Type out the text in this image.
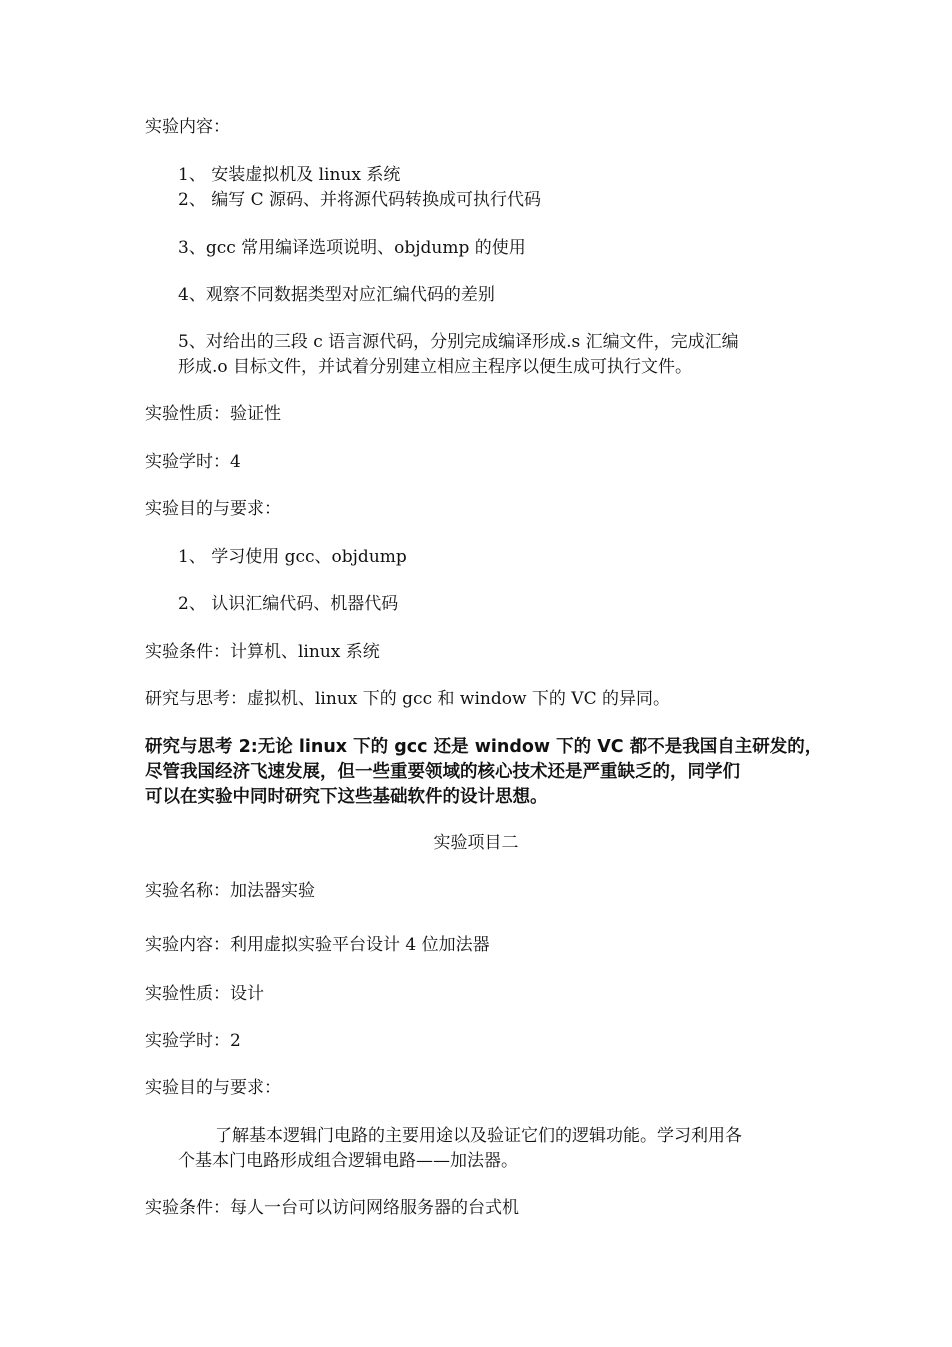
实验内容：

1、 安装虚拟机及 linux 系统

2、 编写 C 源码、并将源代码转换成可执行代码

3、gcc 常用编译选项说明、objdump 的使用

4、观察不同数据类型对应汇编代码的差别

5、对给出的三段 c 语言源代码，分别完成编译形成.s 汇编文件，完成汇编

形成.o 目标文件，并试着分别建立相应主程序以便生成可执行文件。

实验性质：验证性

实验学时：4

实验目的与要求：

1、 学习使用 gcc、objdump

2、 认识汇编代码、机器代码

实验条件：计算机、linux 系统

研究与思考：虚拟机、linux 下的 gcc 和 window 下的 VC 的异同。

研究与思考 2:无论 linux 下的 gcc 还是 window 下的 VC 都不是我国自主研发的，

尽管我国经济飞速发展，但一些重要领域的核心技术还是严重缺乏的，同学们

可以在实验中同时研究下这些基础软件的设计思想。

实验项目二

实验名称：加法器实验

实验内容：利用虚拟实验平台设计 4 位加法器

实验性质：设计

实验学时：2

实验目的与要求：

了解基本逻辑门电路的主要用途以及验证它们的逻辑功能。学习利用各

个基本门电路形成组合逻辑电路——加法器。

实验条件：每人一台可以访问网络服务器的台式机
